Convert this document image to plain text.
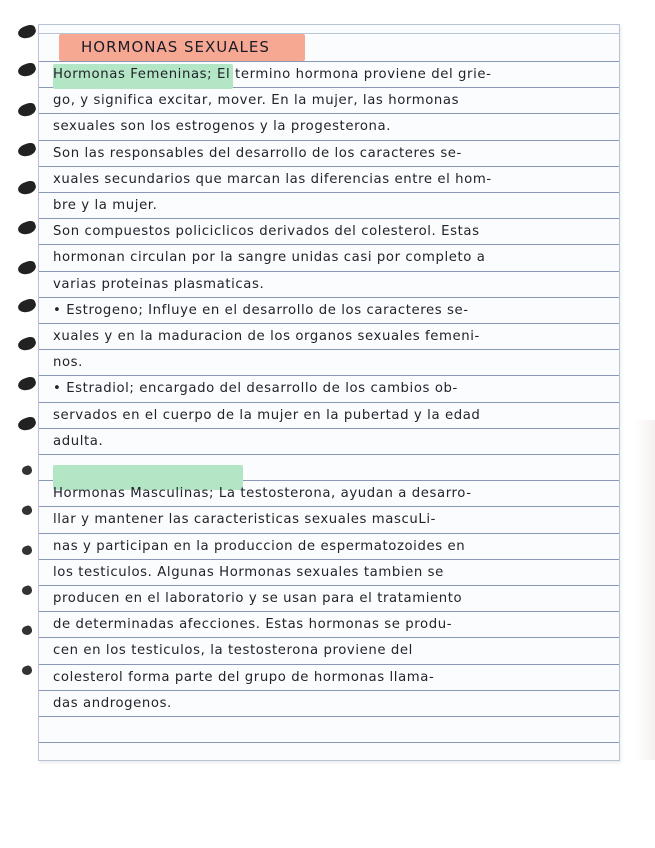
HORMONAS SEXUALES
Hormonas Femeninas; El termino hormona proviene del grie-
go, y significa excitar, mover. En la mujer, las hormonas
sexuales son los estrogenos y la progesterona.
Son las responsables del desarrollo de los caracteres se-
xuales secundarios que marcan las diferencias entre el hom-
bre y la mujer.
Son compuestos policiclicos derivados del colesterol. Estas
hormonan circulan por la sangre unidas casi por completo a
varias proteinas plasmaticas.
• Estrogeno; Influye en el desarrollo de los caracteres se-
xuales y en la maduracion de los organos sexuales femeni-
nos.
• Estradiol; encargado del desarrollo de los cambios ob-
servados en el cuerpo de la mujer en la pubertad y la edad
adulta.
Hormonas Masculinas; La testosterona, ayudan a desarro-
llar y mantener las caracteristicas sexuales mascuLi-
nas y participan en la produccion de espermatozoides en
los testiculos. Algunas Hormonas sexuales tambien se
producen en el laboratorio y se usan para el tratamiento
de determinadas afecciones. Estas hormonas se produ-
cen en los testiculos, la testosterona proviene del
colesterol forma parte del grupo de hormonas llama-
das androgenos.
